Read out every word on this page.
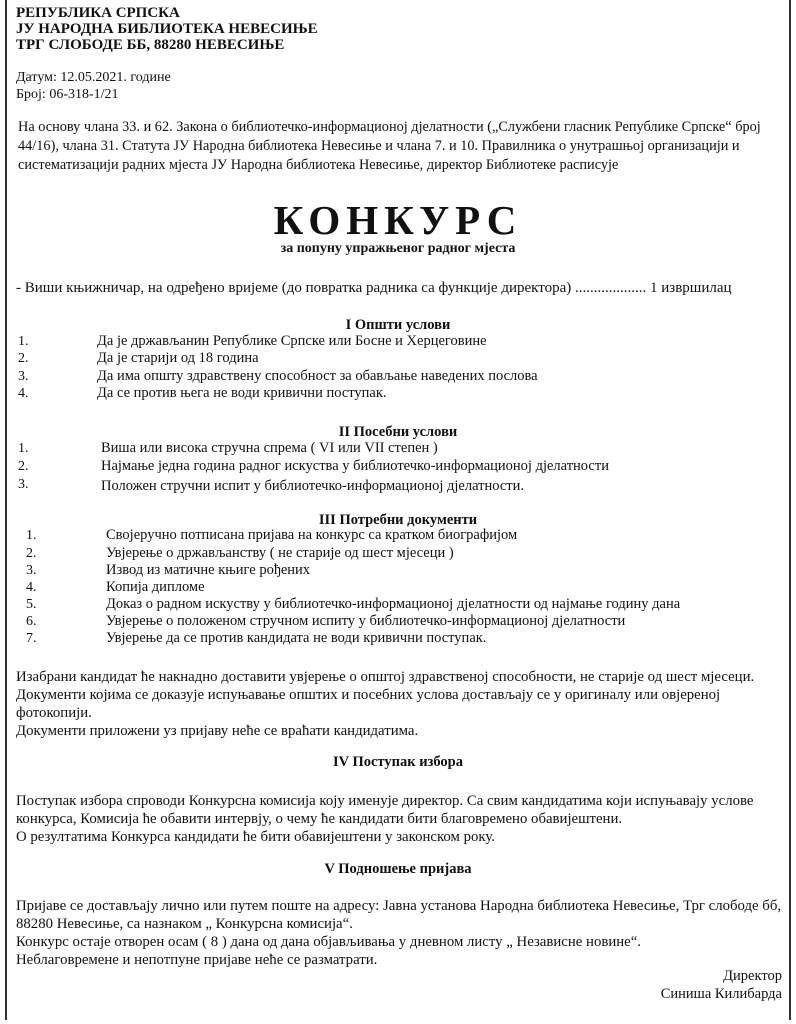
РЕПУБЛИКА СРПСКА
ЈУ НАРОДНА БИБЛИОТЕКА НЕВЕСИЊЕ
ТРГ СЛОБОДЕ ББ, 88280 НЕВЕСИЊЕ
Датум: 12.05.2021. године
Број: 06-318-1/21
На основу члана 33. и 62. Закона о библиотечко-информационој дјелатности („Службени гласник Републике Српске“ број 44/16), члана 31. Статута ЈУ Народна библиотека Невесиње и члана 7. и 10. Правилника о унутрашњој организацији и систематизацији радних мјеста ЈУ Народна библиотека Невесиње, директор Библиотеке расписује
КОНКУРС
за попуну упражњеног радног мјеста
- Виши књижничар, на одређено вријеме (до повратка радника са функције директора) ................... 1 извршилац
I Општи услови
1.	Да је држављанин Републике Српске или Босне и Херцеговине
2.	Да је старији од 18 година
3.	Да има општу здравствену способност за обављање наведених послова
4.	Да се против њега не води кривични поступак.
II Посебни услови
1.	Виша или висока стручна спрема ( VI или VII степен )
2.	Најмање једна година радног искуства у библиотечко-информационој дјелатности
3.	Положен стручни испит у библиотечко-информационој дјелатности.
III Потребни документи
1.	Својеручно потписана пријава на конкурс са кратком биографијом
2.	Увјерење о држављанству ( не старије од шест мјесеци )
3.	Извод из матичне књиге рођених
4.	Копија дипломе
5.	Доказ о радном искуству у библиотечко-информационој дјелатности од најмање годину дана
6.	Увјерење о положеном стручном испиту у библиотечко-информационој дјелатности
7.	Увјерење да се против кандидата не води кривични поступак.
Изабрани кандидат ће накнадно доставити увјерење о општој здравственој способности, не старије од шест мјесеци.
Документи којима се доказује испуњавање општих и посебних услова достављају се у оригиналу или овјереној фотокопији.
Документи приложени уз пријаву неће се враћати кандидатима.
IV Поступак избора
Поступак избора спроводи Конкурсна комисија коју именује директор. Са свим кандидатима који испуњавају услове конкурса, Комисија ће обавити интервју, о чему ће кандидати бити благовремено обавијештени.
О резултатима Конкурса кандидати ће бити обавијештени у законском року.
V Подношење пријава
Пријаве се достављају лично или путем поште на адресу: Јавна установа Народна библиотека Невесиње, Трг слободе бб, 88280 Невесиње, са назнаком „ Конкурсна комисија“.
Конкурс остаје отворен осам ( 8 ) дана од дана објављивања у дневном листу „ Независне новине“.
Неблаговремене и непотпуне пријаве неће се разматрати.
Директор
Синиша Килибарда
